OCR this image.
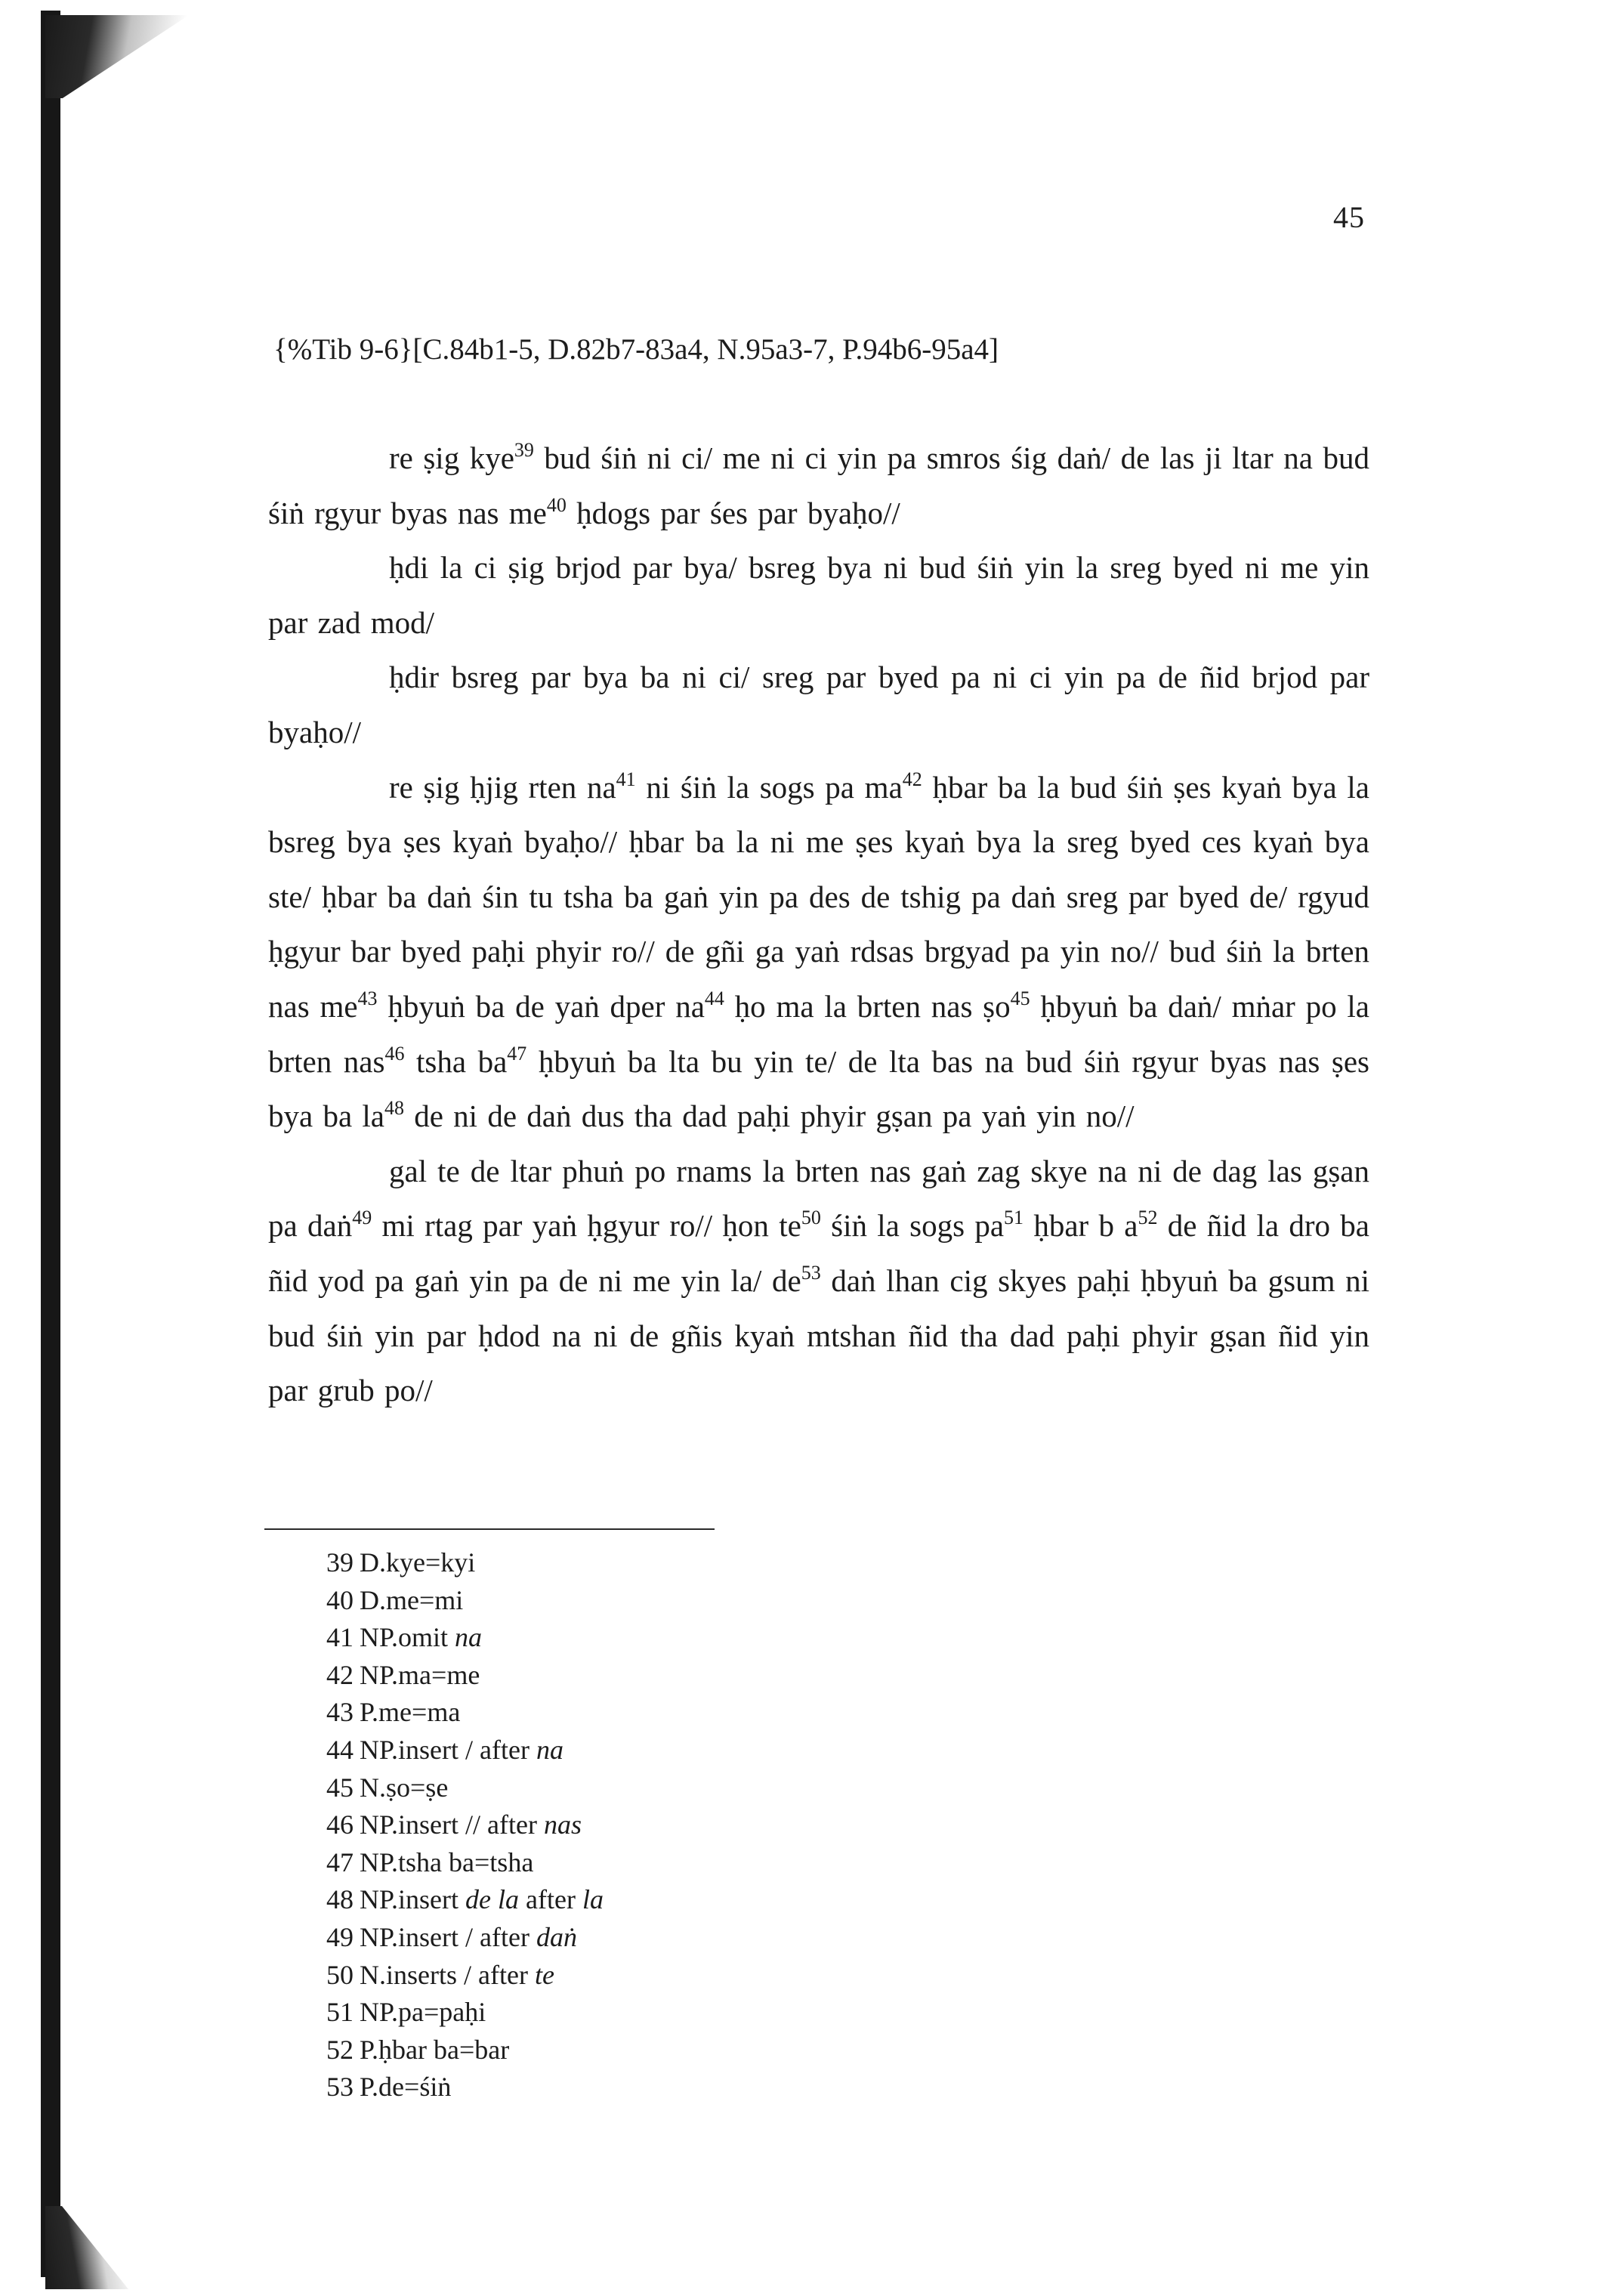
45
{%Tib 9-6}[C.84b1-5, D.82b7-83a4, N.95a3-7, P.94b6-95a4]

re ṣig kye$^{39}$ bud śiṅ ni ci/ me ni ci yin pa smros śig daṅ/ de las ji ltar na bud śiṅ rgyur byas nas me$^{40}$ ḥdogs par śes par byaḥo//

ḥdi la ci ṣig brjod par bya/ bsreg bya ni bud śiṅ yin la sreg byed ni me yin par zad mod/

ḥdir bsreg par bya ba ni ci/ sreg par byed pa ni ci yin pa de ñid brjod par byaḥo//

re ṣig ḥjig rten na$^{41}$ ni śiṅ la sogs pa ma$^{42}$ ḥbar ba la bud śiṅ ṣes kyaṅ bya la bsreg bya ṣes kyaṅ byaḥo// ḥbar ba la ni me ṣes kyaṅ bya la sreg byed ces kyaṅ bya ste/ ḥbar ba daṅ śin tu tsha ba gaṅ yin pa des de tshig pa daṅ sreg par byed de/ rgyud ḥgyur bar byed paḥi phyir ro// de gñi ga yaṅ rdsas brgyad pa yin no// bud śiṅ la brten nas me$^{43}$ ḥbyuṅ ba de yaṅ dper na$^{44}$ ḥo ma la brten nas ṣo$^{45}$ ḥbyuṅ ba daṅ/ mṅar po la brten nas$^{46}$ tsha ba$^{47}$ ḥbyuṅ ba lta bu yin te/ de lta bas na bud śiṅ rgyur byas nas ṣes bya ba la$^{48}$ de ni de daṅ dus tha dad paḥi phyir gṣan pa yaṅ yin no//

gal te de ltar phuṅ po rnams la brten nas gaṅ zag skye na ni de dag las gṣan pa daṅ$^{49}$ mi rtag par yaṅ ḥgyur ro// ḥon te$^{50}$ śiṅ la sogs pa$^{51}$ ḥbar b a$^{52}$ de ñid la dro ba ñid yod pa gaṅ yin pa de ni me yin la/ de$^{53}$ daṅ lhan cig skyes paḥi ḥbyuṅ ba gsum ni bud śiṅ yin par ḥdod na ni de gñis kyaṅ mtshan ñid tha dad paḥi phyir gṣan ñid yin par grub po//

39 D.kye=kyi
40 D.me=mi
41 NP.omit na
42 NP.ma=me
43 P.me=ma
44 NP.insert / after na
45 N.ṣo=ṣe
46 NP.insert // after nas
47 NP.tsha ba=tsha
48 NP.insert de la after la
49 NP.insert / after daṅ
50 N.inserts / after te
51 NP.pa=paḥi
52 P.ḥbar ba=bar
53 P.de=śiṅ
